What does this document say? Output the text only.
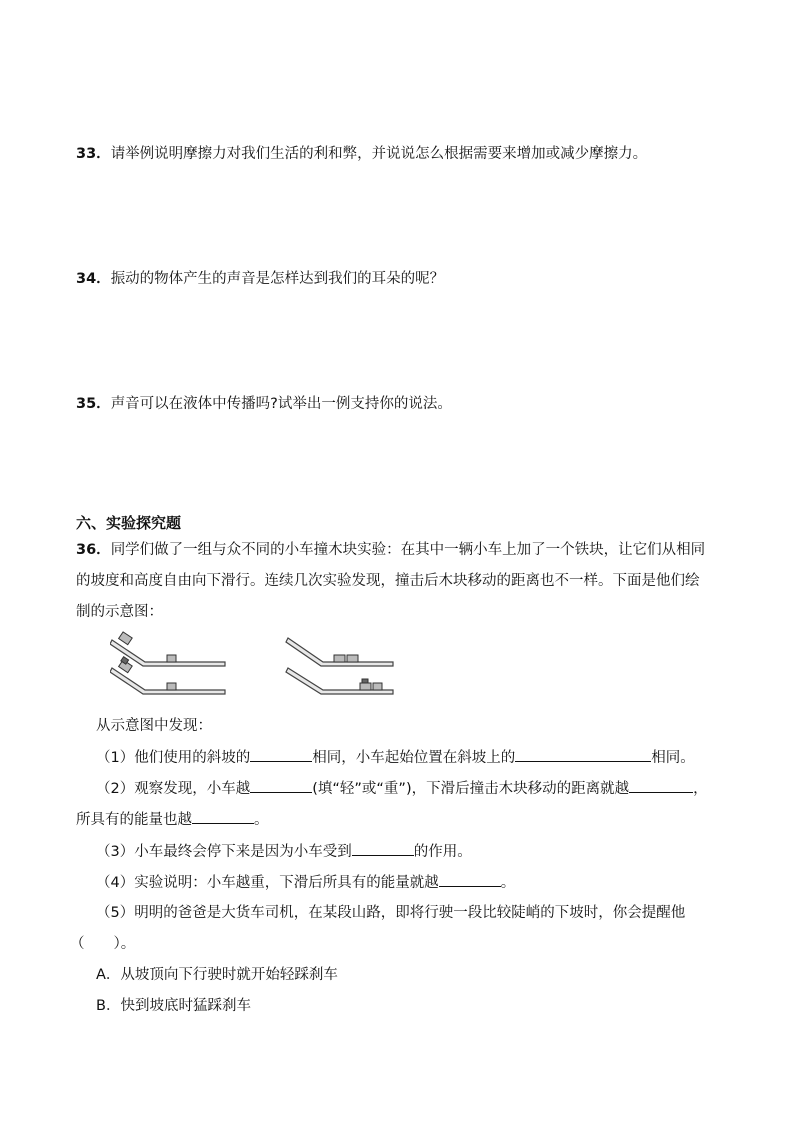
33．请举例说明摩擦力对我们生活的利和弊，并说说怎么根据需要来增加或减少摩擦力。
34．振动的物体产生的声音是怎样达到我们的耳朵的呢？
35．声音可以在液体中传播吗?试举出一例支持你的说法。
六、实验探究题
36．同学们做了一组与众不同的小车撞木块实验：在其中一辆小车上加了一个铁块，让它们从相同
的坡度和高度自由向下滑行。连续几次实验发现，撞击后木块移动的距离也不一样。下面是他们绘
制的示意图：
从示意图中发现：
（1）他们使用的斜坡的	相同，小车起始位置在斜坡上的	相同。
（2）观察发现，小车越	(填“轻”或“重”)，下滑后撞击木块移动的距离就越	，
所具有的能量也越	。
（3）小车最终会停下来是因为小车受到	的作用。
（4）实验说明：小车越重，下滑后所具有的能量就越	。
（5）明明的爸爸是大货车司机，在某段山路，即将行驶一段比较陡峭的下坡时，你会提醒他
（　　）。
A．从坡顶向下行驶时就开始轻踩刹车
B．快到坡底时猛踩刹车
